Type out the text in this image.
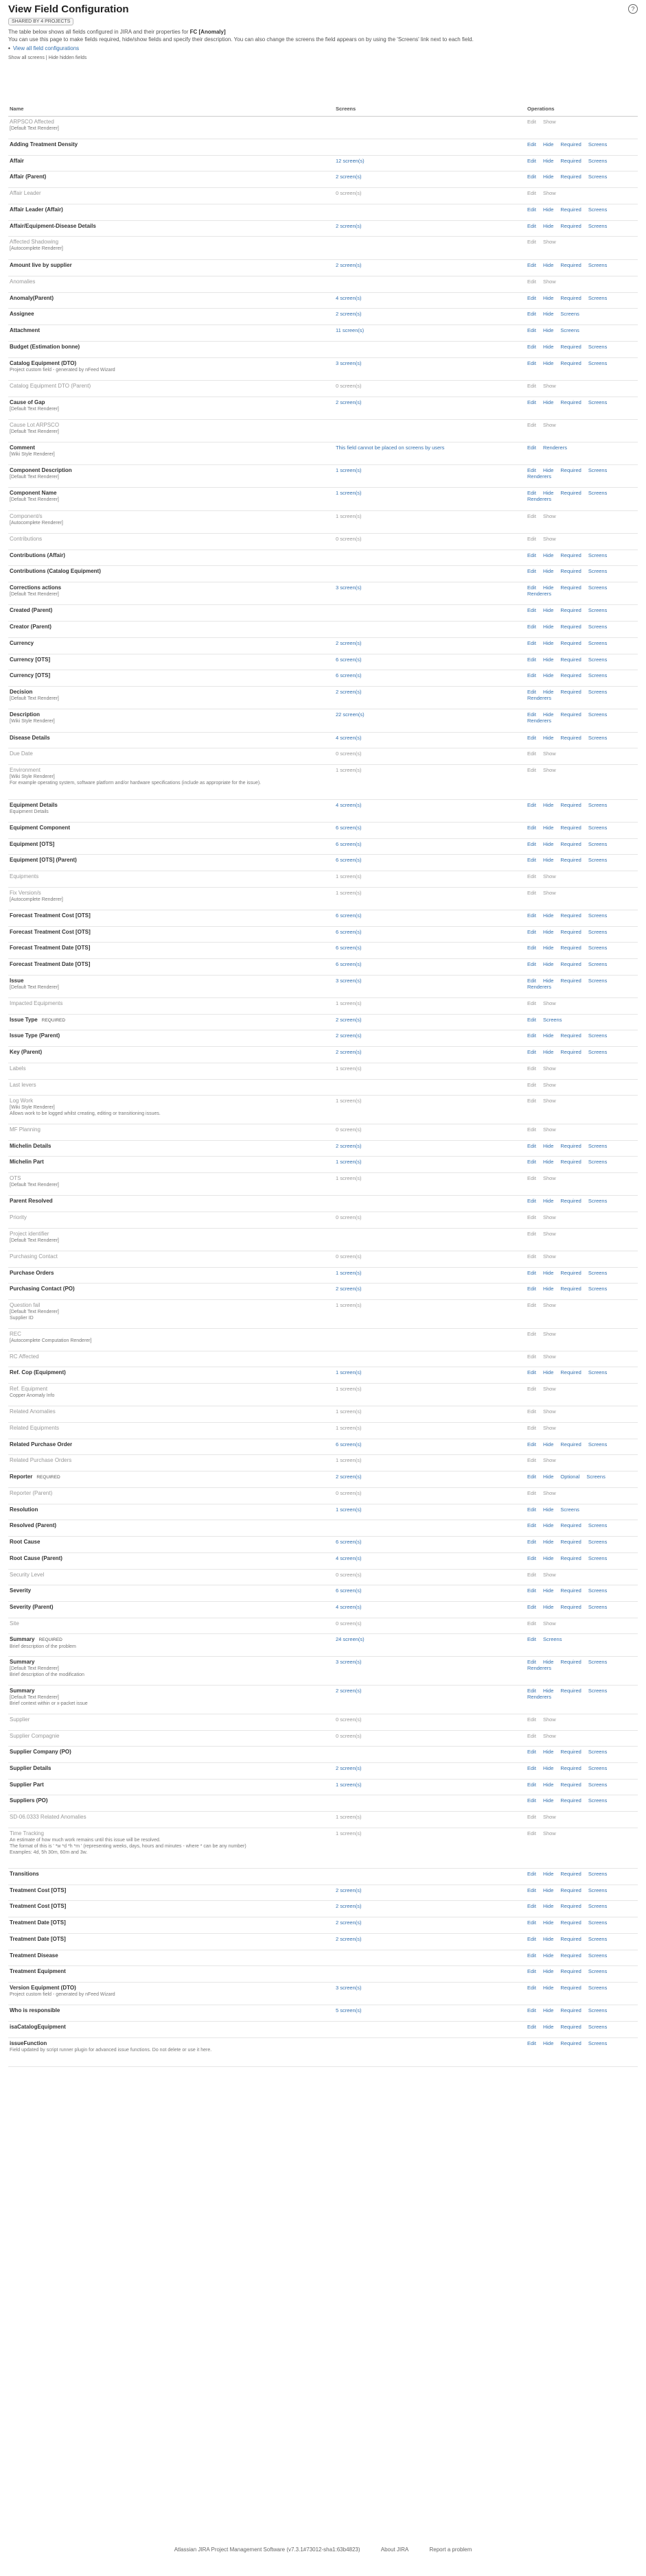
View Field Configuration	?
SHARED BY 4 PROJECTS
The table below shows all fields configured in JIRA and their properties for FC [Anomaly]
You can use this page to make fields required, hide/show fields and specify their description. You can also change the screens the field appears on by using the 'Screens' link next to each field.
• View all field configurations
Show all screens | Hide hidden fields
Name	Screens	Operations

ARPSCO Affected
[Default Text Renderer]		Edit Show

Adding Treatment Density		Edit Hide Required Screens

Affair	12 screen(s)	Edit Hide Required Screens

Affair (Parent)	2 screen(s)	Edit Hide Required Screens

Affair Leader	0 screen(s)	Edit Show

Affair Leader (Affair)		Edit Hide Required Screens

Affair/Equipment-Disease Details	2 screen(s)	Edit Hide Required Screens

Affected Shadowing
[Autocomplete Renderer]		Edit Show

Amount live by supplier	2 screen(s)	Edit Hide Required Screens

Anomalies		Edit Show

Anomaly(Parent)	4 screen(s)	Edit Hide Required Screens

Assignee	2 screen(s)	Edit Hide Screens

Attachment	11 screen(s)	Edit Hide Screens

Budget (Estimation bonne)		Edit Hide Required Screens

Catalog Equipment (DTO)
Project custom field - generated by nFeed Wizard	3 screen(s)	Edit Hide Required Screens

Catalog Equipment DTO (Parent)	0 screen(s)	Edit Show

Cause of Gap
[Default Text Renderer]	2 screen(s)	Edit Hide Required Screens

Cause Lot ARPSCO
[Default Text Renderer]		Edit Show

Comment
[Wiki Style Renderer]	This field cannot be placed on screens by users	Edit Renderers

Component Description
[Default Text Renderer]	1 screen(s)	Edit Hide Required ScreensRenderers

Component Name
[Default Text Renderer]	1 screen(s)	Edit Hide Required ScreensRenderers

Component/s
[Autocomplete Renderer]	1 screen(s)	Edit Show

Contributions	0 screen(s)	Edit Show

Contributions (Affair)		Edit Hide Required Screens

Contributions (Catalog Equipment)		Edit Hide Required Screens

Corrections actions
[Default Text Renderer]	3 screen(s)	Edit Hide Required ScreensRenderers

Created (Parent)		Edit Hide Required Screens

Creator (Parent)		Edit Hide Required Screens

Currency	2 screen(s)	Edit Hide Required Screens

Currency [OTS]	6 screen(s)	Edit Hide Required Screens

Currency [OTS]	6 screen(s)	Edit Hide Required Screens

Decision
[Default Text Renderer]	2 screen(s)	Edit Hide Required ScreensRenderers

Description
[Wiki Style Renderer]	22 screen(s)	Edit Hide Required ScreensRenderers

Disease Details	4 screen(s)	Edit Hide Required Screens

Due Date	0 screen(s)	Edit Show

Environment
[Wiki Style Renderer]
For example operating system, software platform and/or hardware specifications (include as appropriate for the issue).	1 screen(s)	Edit Show

Equipment Details
Equipment Details	4 screen(s)	Edit Hide Required Screens

Equipment Component	6 screen(s)	Edit Hide Required Screens

Equipment [OTS]	6 screen(s)	Edit Hide Required Screens

Equipment [OTS] (Parent)	6 screen(s)	Edit Hide Required Screens

Equipments	1 screen(s)	Edit Show

Fix Version/s
[Autocomplete Renderer]	1 screen(s)	Edit Show

Forecast Treatment Cost [OTS]	6 screen(s)	Edit Hide Required Screens

Forecast Treatment Cost [OTS]	6 screen(s)	Edit Hide Required Screens

Forecast Treatment Date [OTS]	6 screen(s)	Edit Hide Required Screens

Forecast Treatment Date [OTS]	6 screen(s)	Edit Hide Required Screens

Issue
[Default Text Renderer]	3 screen(s)	Edit Hide Required ScreensRenderers

Impacted Equipments	1 screen(s)	Edit Show

Issue Type REQUIRED	2 screen(s)	Edit Screens

Issue Type (Parent)	2 screen(s)	Edit Hide Required Screens

Key (Parent)	2 screen(s)	Edit Hide Required Screens

Labels	1 screen(s)	Edit Show

Last levers		Edit Show

Log Work
[Wiki Style Renderer]
Allows work to be logged whilst creating, editing or transitioning issues.	1 screen(s)	Edit Show

MF Planning	0 screen(s)	Edit Show

Michelin Details	2 screen(s)	Edit Hide Required Screens

Michelin Part	1 screen(s)	Edit Hide Required Screens

OTS
[Default Text Renderer]	1 screen(s)	Edit Show

Parent Resolved		Edit Hide Required Screens

Priority	0 screen(s)	Edit Show

Project identifier
[Default Text Renderer]		Edit Show

Purchasing Contact	0 screen(s)	Edit Show

Purchase Orders	1 screen(s)	Edit Hide Required Screens

Purchasing Contact (PO)	2 screen(s)	Edit Hide Required Screens

Question fail
[Default Text Renderer]
Supplier ID	1 screen(s)	Edit Show

REC
[Autocomplete Computation Renderer]		Edit Show

RC Affected		Edit Show

Ref. Cop (Equipment)	1 screen(s)	Edit Hide Required Screens

Ref. Equipment
Copper Anomaly Info	1 screen(s)	Edit Show

Related Anomalies	1 screen(s)	Edit Show

Related Equipments	1 screen(s)	Edit Show

Related Purchase Order	6 screen(s)	Edit Hide Required Screens

Related Purchase Orders	1 screen(s)	Edit Show

Reporter REQUIRED	2 screen(s)	Edit Hide Optional Screens

Reporter (Parent)	0 screen(s)	Edit Show

Resolution	1 screen(s)	Edit Hide Screens

Resolved (Parent)		Edit Hide Required Screens

Root Cause	6 screen(s)	Edit Hide Required Screens

Root Cause (Parent)	4 screen(s)	Edit Hide Required Screens

Security Level	0 screen(s)	Edit Show

Severity	6 screen(s)	Edit Hide Required Screens

Severity (Parent)	4 screen(s)	Edit Hide Required Screens

Site	0 screen(s)	Edit Show

Summary REQUIRED
Brief description of the problem	24 screen(s)	Edit Screens

Summary
[Default Text Renderer]
Brief description of the modification	3 screen(s)	Edit Hide Required ScreensRenderers

Summary
[Default Text Renderer]
Brief context within or x-packet issue	2 screen(s)	Edit Hide Required ScreensRenderers

Supplier	0 screen(s)	Edit Show

Supplier Compagnie	0 screen(s)	Edit Show

Supplier Company (PO)		Edit Hide Required Screens

Supplier Details	2 screen(s)	Edit Hide Required Screens

Supplier Part	1 screen(s)	Edit Hide Required Screens

Suppliers (PO)		Edit Hide Required Screens

SD-06.0333 Related Anomalies	1 screen(s)	Edit Show

Time Tracking
An estimate of how much work remains until this issue will be resolved.
The format of this is ' *w *d *h *m ' (representing weeks, days, hours and minutes - where * can be any number)
Examples: 4d, 5h 30m, 60m and 3w.	1 screen(s)	Edit Show

Transitions		Edit Hide Required Screens

Treatment Cost [OTS]	2 screen(s)	Edit Hide Required Screens

Treatment Cost [OTS]	2 screen(s)	Edit Hide Required Screens

Treatment Date [OTS]	2 screen(s)	Edit Hide Required Screens

Treatment Date [OTS]	2 screen(s)	Edit Hide Required Screens

Treatment Disease		Edit Hide Required Screens

Treatment Equipment		Edit Hide Required Screens

Version Equipment (DTO)
Project custom field - generated by nFeed Wizard	3 screen(s)	Edit Hide Required Screens

Who is responsible	5 screen(s)	Edit Hide Required Screens

isaCatalogEquipment		Edit Hide Required Screens

issueFunction
Field updated by script runner plugin for advanced issue functions. Do not delete or use it here.		Edit Hide Required Screens
Atlassian JIRA Project Management Software (v7.3.1#73012-sha1:63b4823)	About JIRA	Report a problem
